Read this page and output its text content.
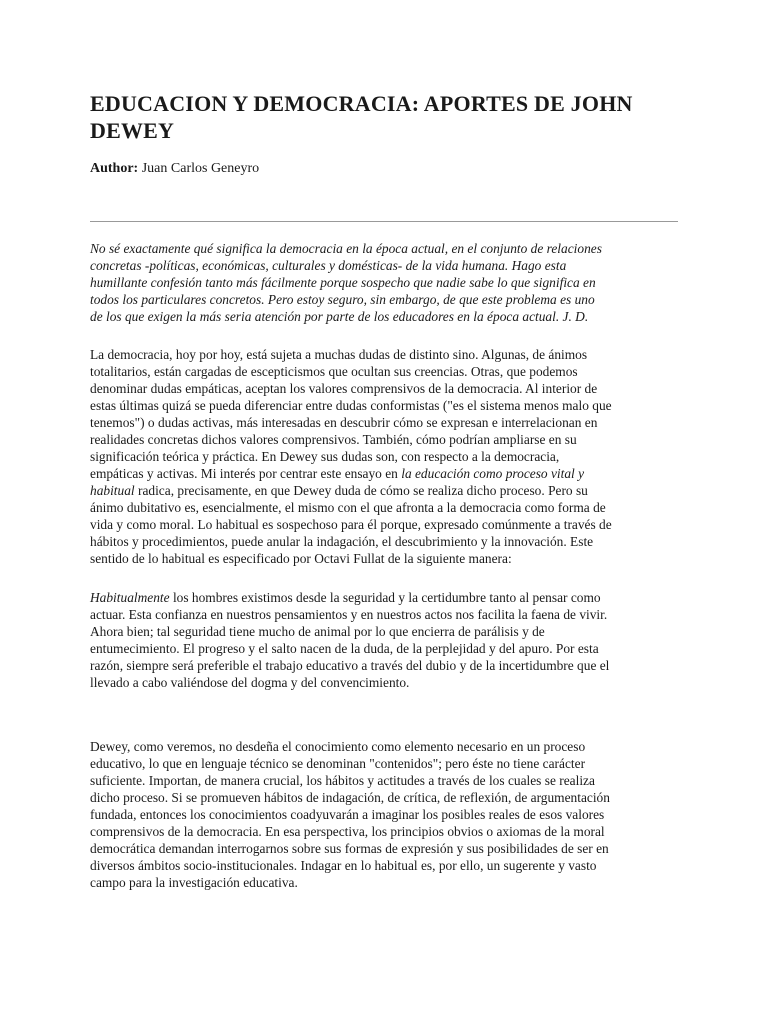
EDUCACION Y DEMOCRACIA: APORTES DE JOHN
DEWEY
Author: Juan Carlos Geneyro

No sé exactamente qué significa la democracia en la época actual, en el conjunto de relaciones
concretas -políticas, económicas, culturales y domésticas- de la vida humana. Hago esta
humillante confesión tanto más fácilmente porque sospecho que nadie sabe lo que significa en
todos los particulares concretos. Pero estoy seguro, sin embargo, de que este problema es uno
de los que exigen la más seria atención por parte de los educadores en la época actual. J. D.

La democracia, hoy por hoy, está sujeta a muchas dudas de distinto sino. Algunas, de ánimos
totalitarios, están cargadas de escepticismos que ocultan sus creencias. Otras, que podemos
denominar dudas empáticas, aceptan los valores comprensivos de la democracia. Al interior de
estas últimas quizá se pueda diferenciar entre dudas conformistas ("es el sistema menos malo que
tenemos") o dudas activas, más interesadas en descubrir cómo se expresan e interrelacionan en
realidades concretas dichos valores comprensivos. También, cómo podrían ampliarse en su
significación teórica y práctica. En Dewey sus dudas son, con respecto a la democracia,
empáticas y activas. Mi interés por centrar este ensayo en la educación como proceso vital y
habitual radica, precisamente, en que Dewey duda de cómo se realiza dicho proceso. Pero su
ánimo dubitativo es, esencialmente, el mismo con el que afronta a la democracia como forma de
vida y como moral. Lo habitual es sospechoso para él porque, expresado comúnmente a través de
hábitos y procedimientos, puede anular la indagación, el descubrimiento y la innovación. Este
sentido de lo habitual es especificado por Octavi Fullat de la siguiente manera:

Habitualmente los hombres existimos desde la seguridad y la certidumbre tanto al pensar como
actuar. Esta confianza en nuestros pensamientos y en nuestros actos nos facilita la faena de vivir.
Ahora bien; tal seguridad tiene mucho de animal por lo que encierra de parálisis y de
entumecimiento. El progreso y el salto nacen de la duda, de la perplejidad y del apuro. Por esta
razón, siempre será preferible el trabajo educativo a través del dubio y de la incertidumbre que el
llevado a cabo valiéndose del dogma y del convencimiento.

Dewey, como veremos, no desdeña el conocimiento como elemento necesario en un proceso
educativo, lo que en lenguaje técnico se denominan "contenidos"; pero éste no tiene carácter
suficiente. Importan, de manera crucial, los hábitos y actitudes a través de los cuales se realiza
dicho proceso. Si se promueven hábitos de indagación, de crítica, de reflexión, de argumentación
fundada, entonces los conocimientos coadyuvarán a imaginar los posibles reales de esos valores
comprensivos de la democracia. En esa perspectiva, los principios obvios o axiomas de la moral
democrática demandan interrogarnos sobre sus formas de expresión y sus posibilidades de ser en
diversos ámbitos socio-institucionales. Indagar en lo habitual es, por ello, un sugerente y vasto
campo para la investigación educativa.
